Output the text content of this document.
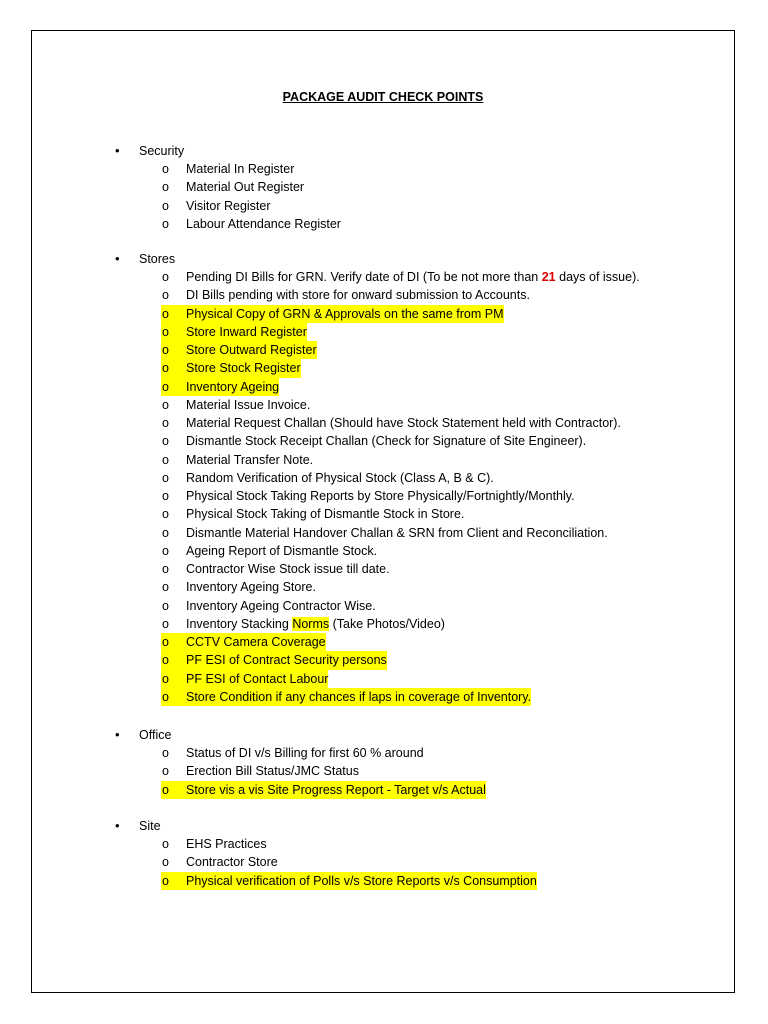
PACKAGE AUDIT CHECK POINTS
• Security
o Material In Register
o Material Out Register
o Visitor Register
o Labour Attendance Register
• Stores
o Pending DI Bills for GRN. Verify date of DI (To be not more than 21 days of issue).
o DI Bills pending with store for onward submission to Accounts.
o	Physical Copy of GRN & Approvals on the same from PM
o	Store Inward Register
o	Store Outward Register
o	Store Stock Register
o	Inventory Ageing
o Material Issue Invoice.
o Material Request Challan (Should have Stock Statement held with Contractor).
o Dismantle Stock Receipt Challan (Check for Signature of Site Engineer).
o Material Transfer Note.
o Random Verification of Physical Stock (Class A, B & C).
o Physical Stock Taking Reports by Store Physically/Fortnightly/Monthly.
o Physical Stock Taking of Dismantle Stock in Store.
o Dismantle Material Handover Challan & SRN from Client and Reconciliation.
o Ageing Report of Dismantle Stock.
o Contractor Wise Stock issue till date.
o Inventory Ageing Store.
o Inventory Ageing Contractor Wise.
o Inventory Stacking Norms (Take Photos/Video)
o	CCTV Camera Coverage
o	PF ESI of Contract Security persons
o	PF ESI of Contact Labour
o	Store Condition if any chances if laps in coverage of Inventory.
• Office
o Status of DI v/s Billing for first 60 % around
o Erection Bill Status/JMC Status
o	Store vis a vis Site Progress Report - Target v/s Actual
• Site
o EHS Practices
o Contractor Store
o	Physical verification of Polls v/s Store Reports v/s Consumption
